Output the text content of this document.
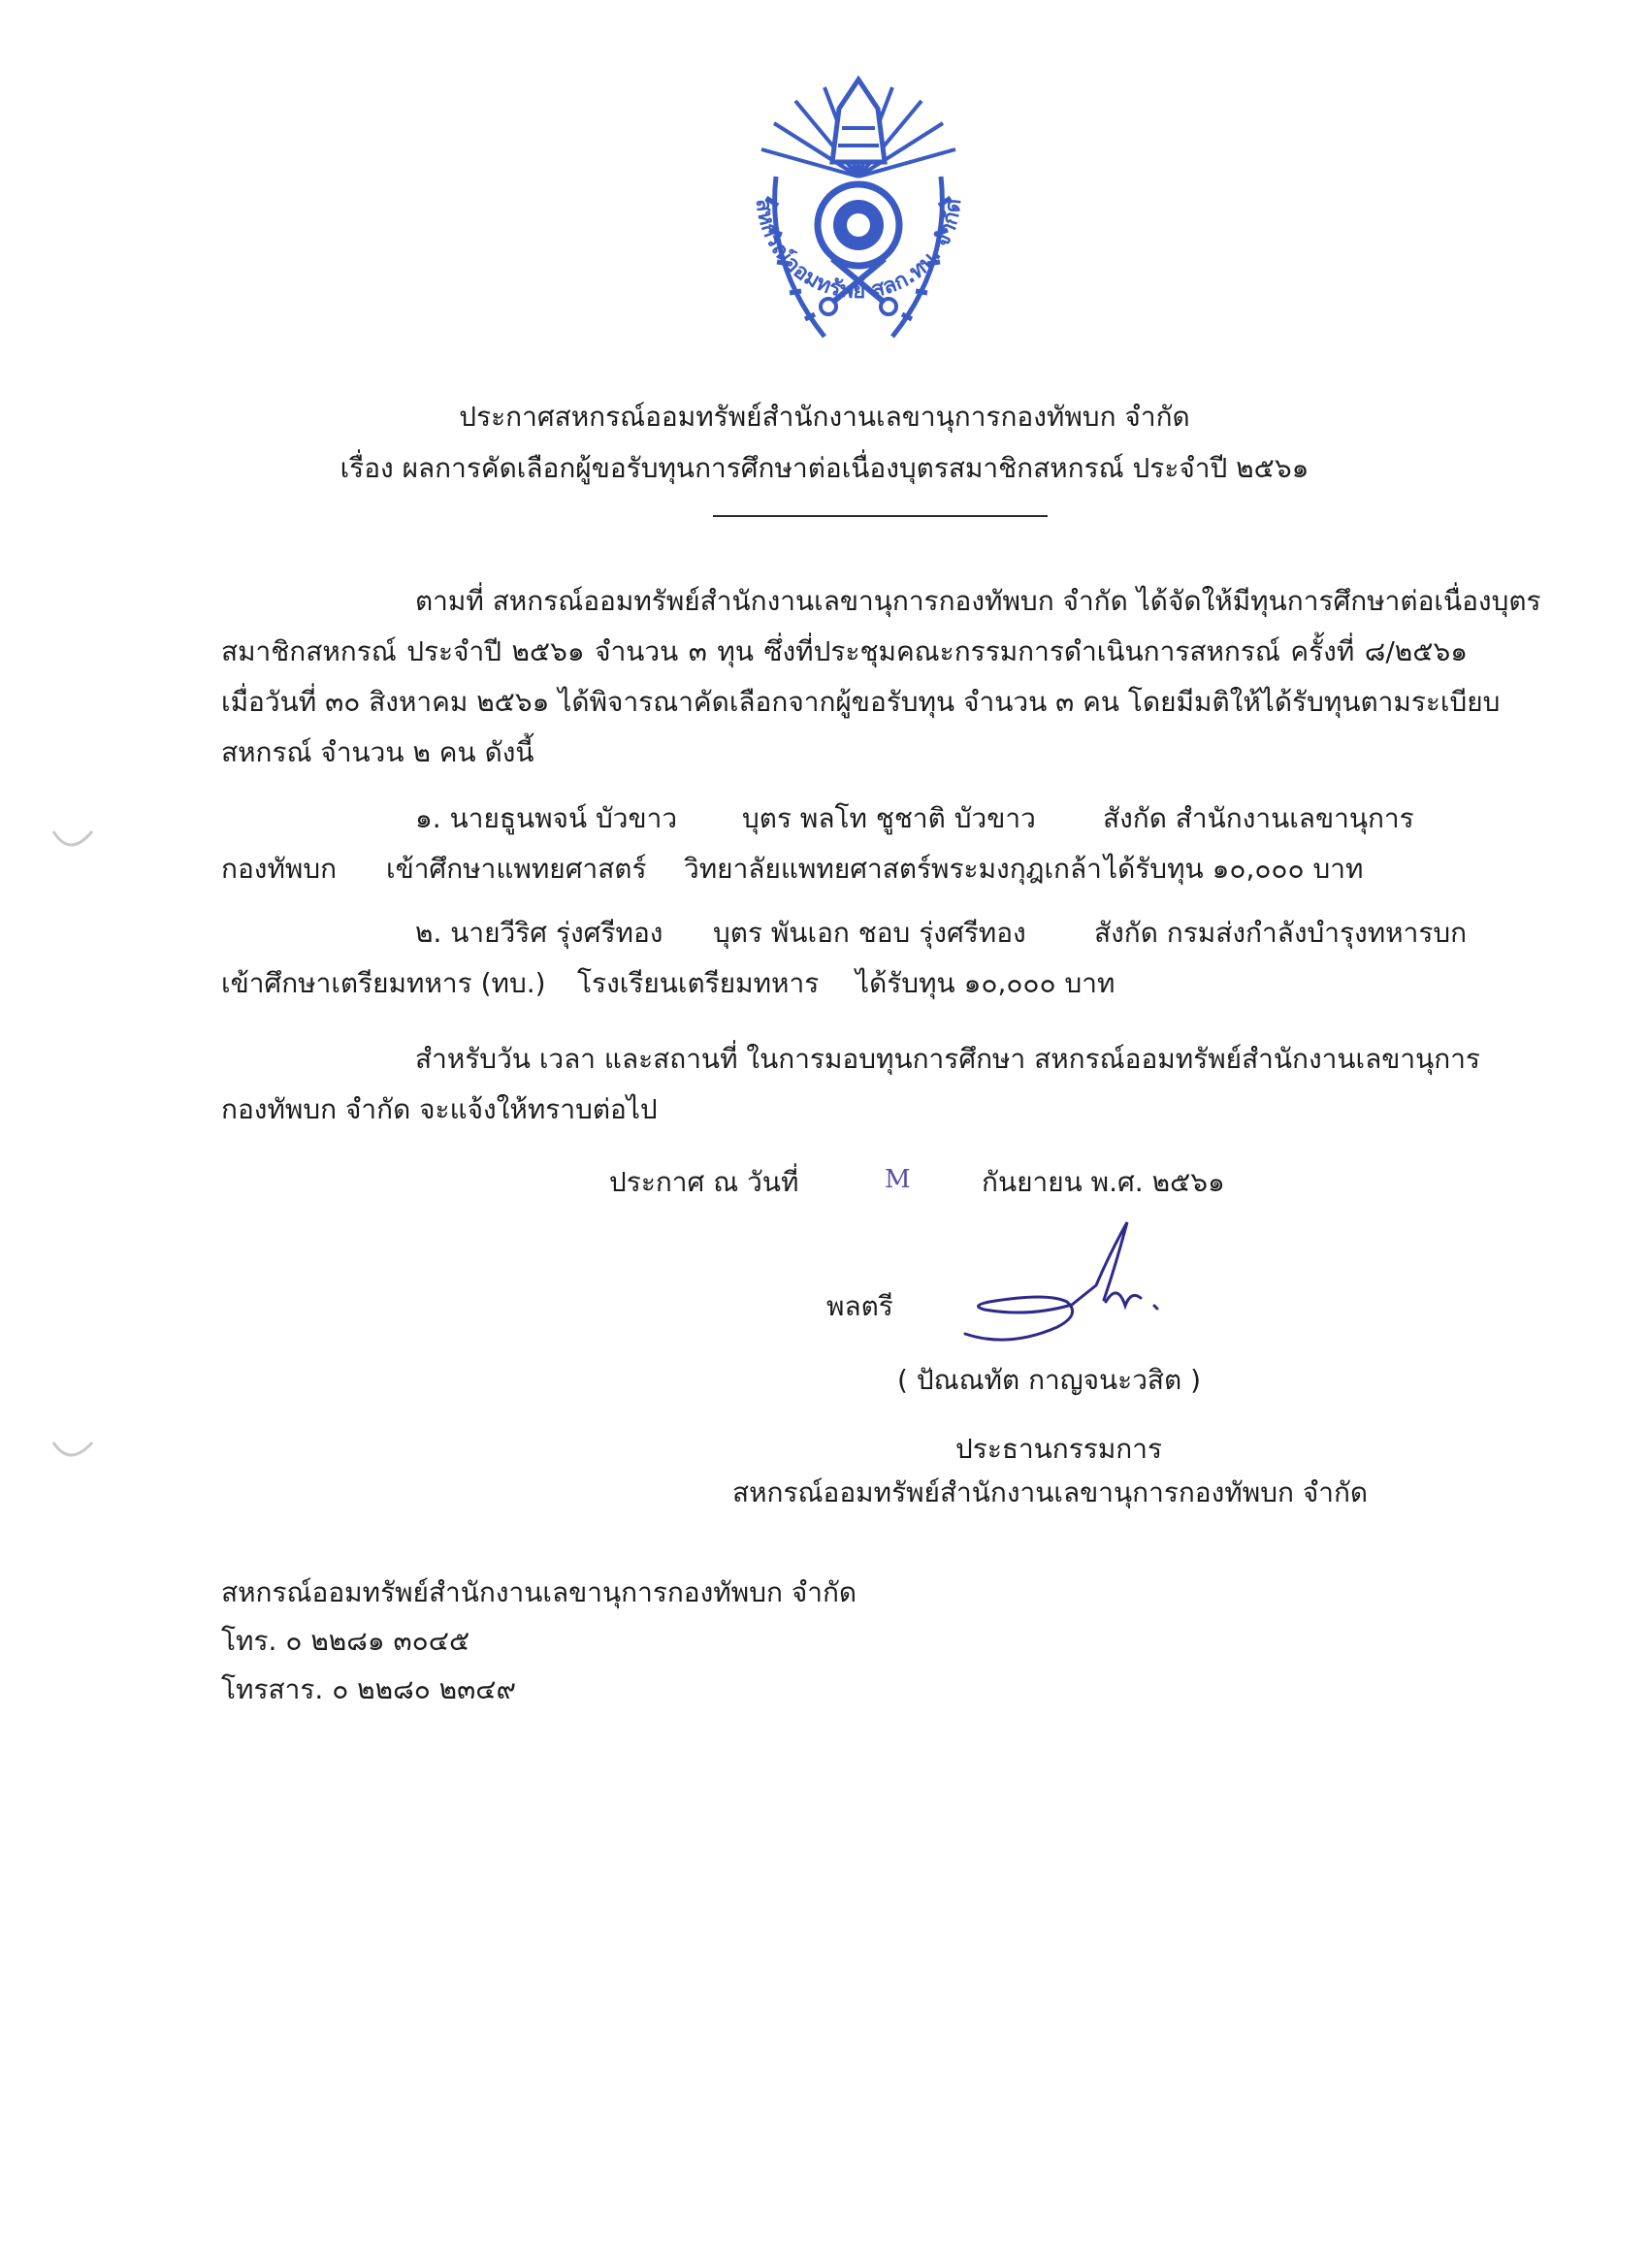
สหกรณ์ออมทรัพย์ สลก.ทบ. จำกัด
ประกาศสหกรณ์ออมทรัพย์สำนักงานเลขานุการกองทัพบก จำกัด
เรื่อง ผลการคัดเลือกผู้ขอรับทุนการศึกษาต่อเนื่องบุตรสมาชิกสหกรณ์ ประจำปี ๒๕๖๑
ตามที่ สหกรณ์ออมทรัพย์สำนักงานเลขานุการกองทัพบก จำกัด ได้จัดให้มีทุนการศึกษาต่อเนื่องบุตร
สมาชิกสหกรณ์ ประจำปี ๒๕๖๑ จำนวน ๓ ทุน ซึ่งที่ประชุมคณะกรรมการดำเนินการสหกรณ์ ครั้งที่ ๘/๒๕๖๑
เมื่อวันที่ ๓๐ สิงหาคม ๒๕๖๑ ได้พิจารณาคัดเลือกจากผู้ขอรับทุน จำนวน ๓ คน โดยมีมติให้ได้รับทุนตามระเบียบ
สหกรณ์ จำนวน ๒ คน ดังนี้
๑. นายธูนพจน์ บัวขาว บุตร พลโท ชูชาติ บัวขาว สังกัด สำนักงานเลขานุการ
กองทัพบก เข้าศึกษาแพทยศาสตร์ วิทยาลัยแพทยศาสตร์พระมงกุฎเกล้า ได้รับทุน ๑๐,๐๐๐ บาท
๒. นายวีริศ รุ่งศรีทอง บุตร พันเอก ชอบ รุ่งศรีทอง	สังกัด กรมส่งกำลังบำรุงทหารบก
เข้าศึกษาเตรียมทหาร (ทบ.) โรงเรียนเตรียมทหาร ได้รับทุน ๑๐,๐๐๐ บาท
สำหรับวัน เวลา และสถานที่ ในการมอบทุนการศึกษา สหกรณ์ออมทรัพย์สำนักงานเลขานุการ
กองทัพบก จำกัด จะแจ้งให้ทราบต่อไป
ประกาศ ณ วันที่	M	กันยายน พ.ศ. ๒๕๖๑
พลตรี
( ปัณณทัต กาญจนะวสิต )
ประธานกรรมการ
สหกรณ์ออมทรัพย์สำนักงานเลขานุการกองทัพบก จำกัด
สหกรณ์ออมทรัพย์สำนักงานเลขานุการกองทัพบก จำกัด
โทร. ๐ ๒๒๘๑ ๓๐๔๕
โทรสาร. ๐ ๒๒๘๐ ๒๓๔๙
